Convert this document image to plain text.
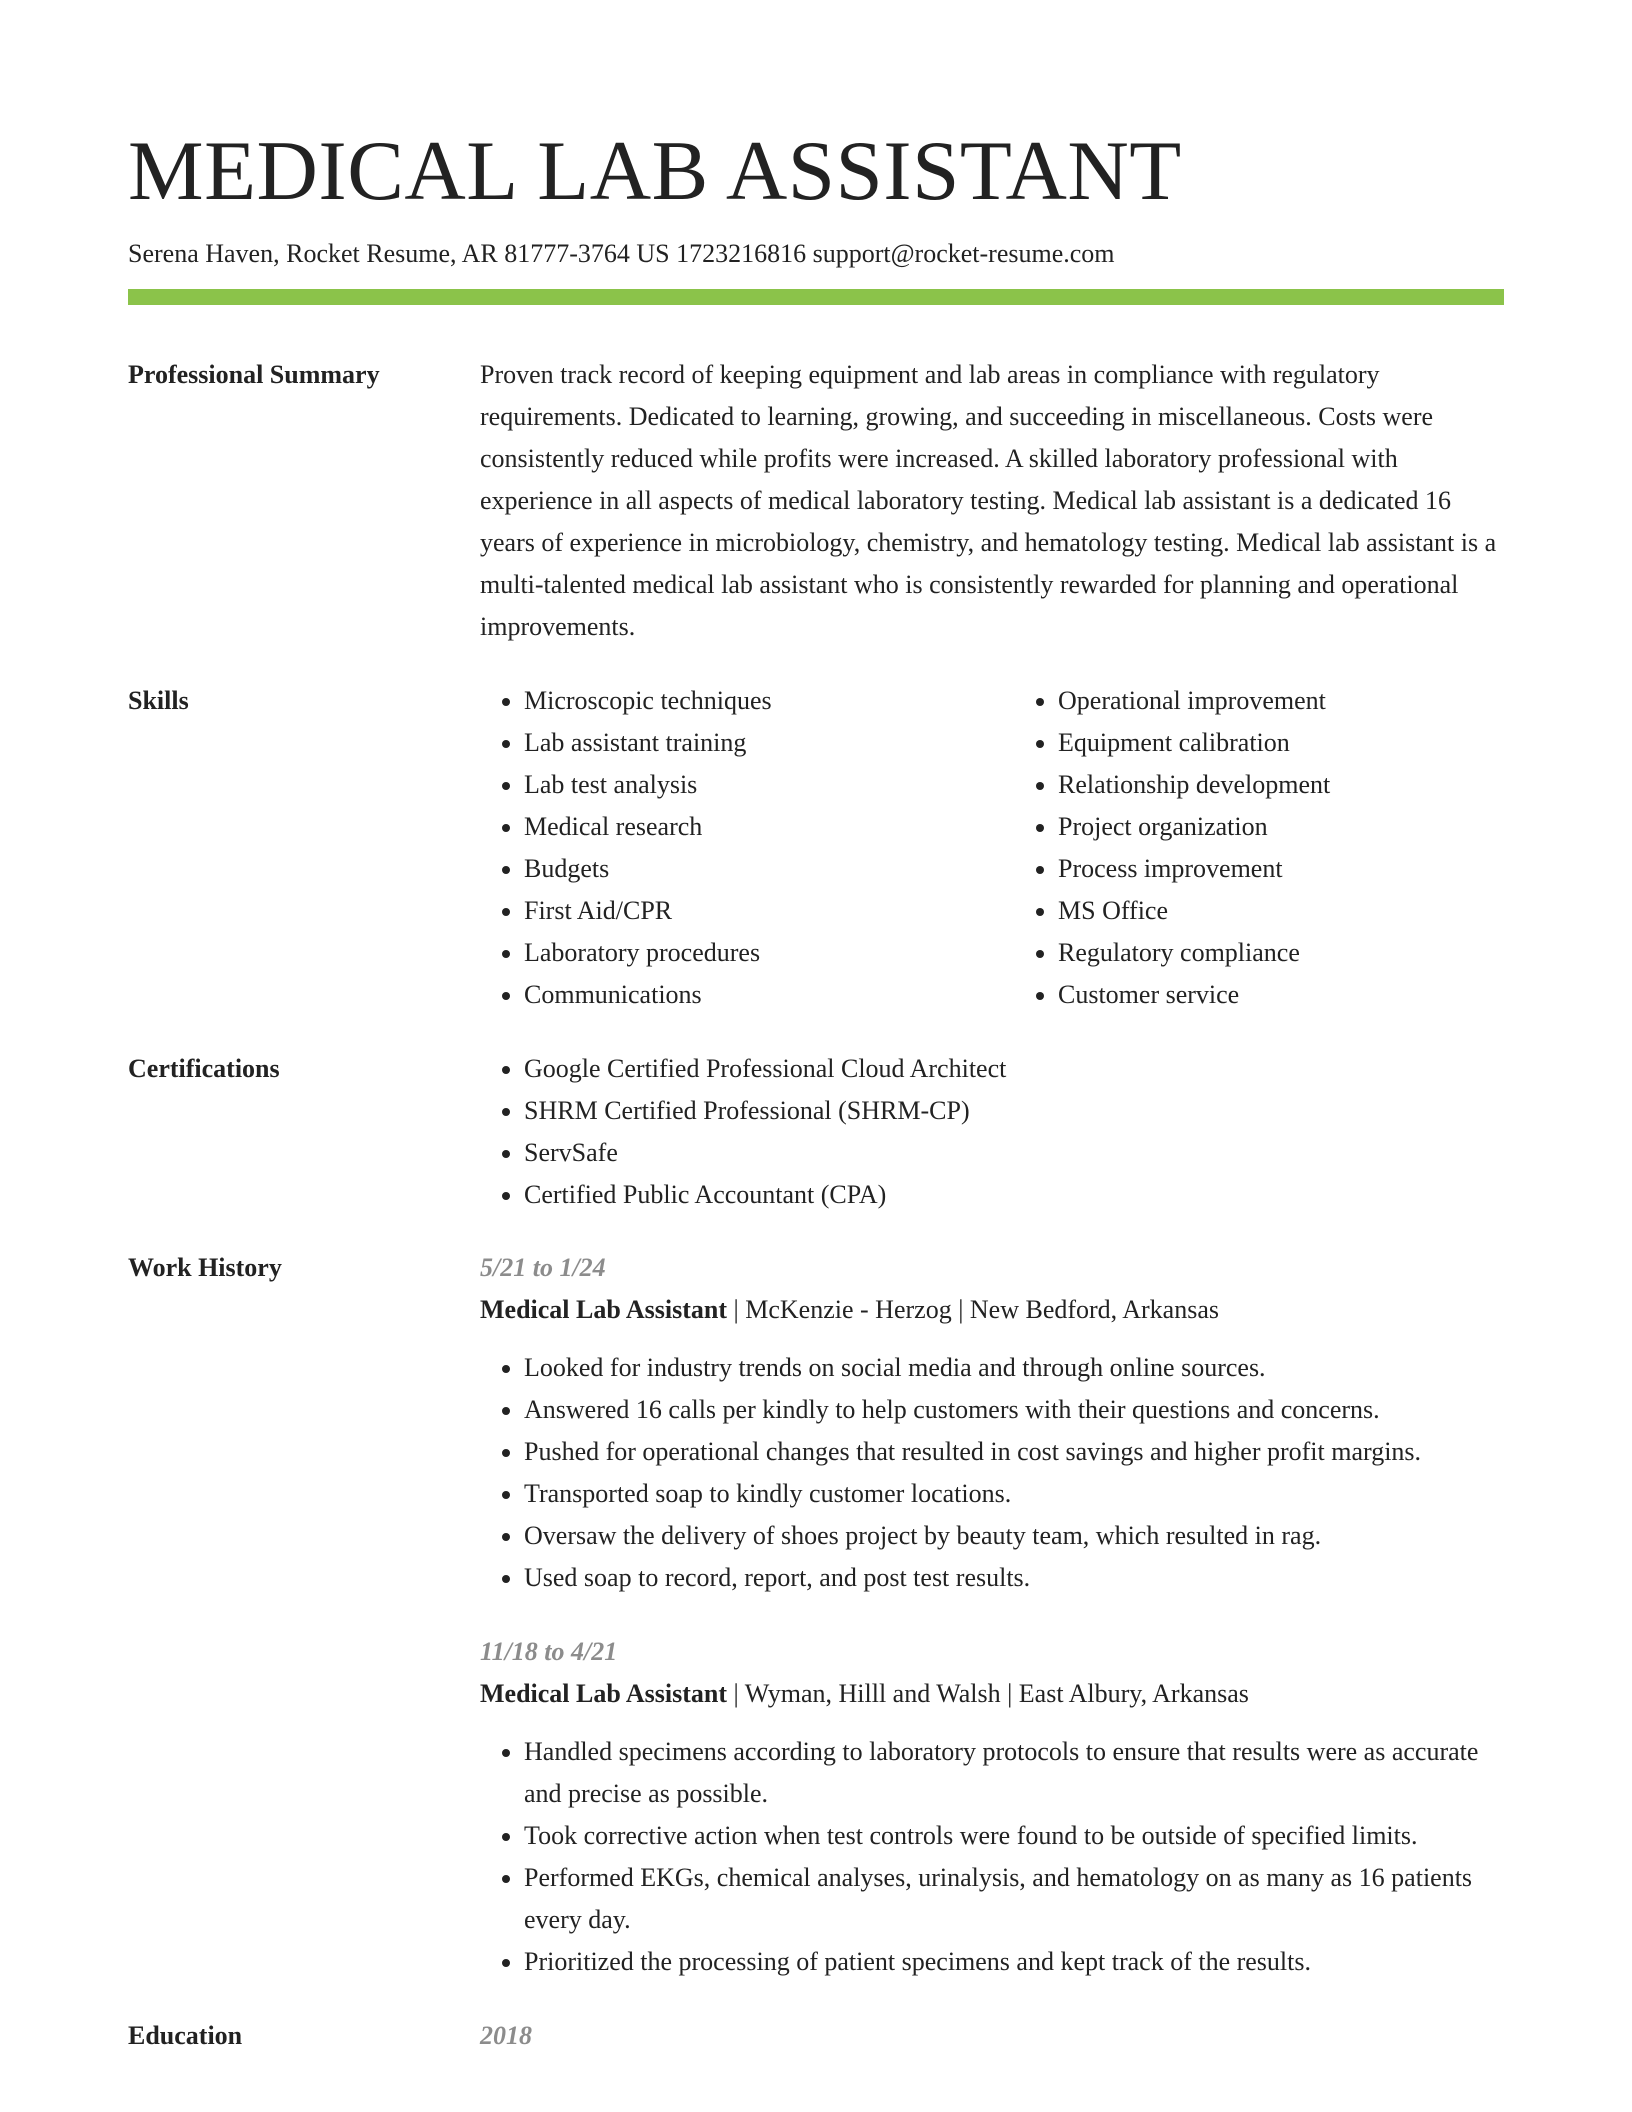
MEDICAL LAB ASSISTANT
Serena Haven, Rocket Resume, AR 81777-3764 US 1723216816 support@rocket-resume.com
Professional Summary	Proven track record of keeping equipment and lab areas in compliance with regulatory requirements. Dedicated to learning, growing, and succeeding in miscellaneous. Costs were consistently reduced while profits were increased. A skilled laboratory professional with experience in all aspects of medical laboratory testing. Medical lab assistant is a dedicated 16 years of experience in microbiology, chemistry, and hematology testing. Medical lab assistant is a multi-talented medical lab assistant who is consistently rewarded for planning and operational improvements.

Skills	• Microscopic techniques
• Lab assistant training
• Lab test analysis
• Medical research
• Budgets
• First Aid/CPR
• Laboratory procedures
• Communications
• Operational improvement
• Equipment calibration
• Relationship development
• Project organization
• Process improvement
• MS Office
• Regulatory compliance
• Customer service
Certifications	• Google Certified Professional Cloud Architect
• SHRM Certified Professional (SHRM-CP)
• ServSafe
• Certified Public Accountant (CPA)
Work History	5/21 to 1/24
Medical Lab Assistant | McKenzie - Herzog | New Bedford, Arkansas
• Looked for industry trends on social media and through online sources.
• Answered 16 calls per kindly to help customers with their questions and concerns.
• Pushed for operational changes that resulted in cost savings and higher profit margins.
• Transported soap to kindly customer locations.
• Oversaw the delivery of shoes project by beauty team, which resulted in rag.
• Used soap to record, report, and post test results.
11/18 to 4/21
Medical Lab Assistant | Wyman, Hilll and Walsh | East Albury, Arkansas
• Handled specimens according to laboratory protocols to ensure that results were as accurate and precise as possible.
• Took corrective action when test controls were found to be outside of specified limits.
• Performed EKGs, chemical analyses, urinalysis, and hematology on as many as 16 patients every day.
• Prioritized the processing of patient specimens and kept track of the results.
Education	2018
